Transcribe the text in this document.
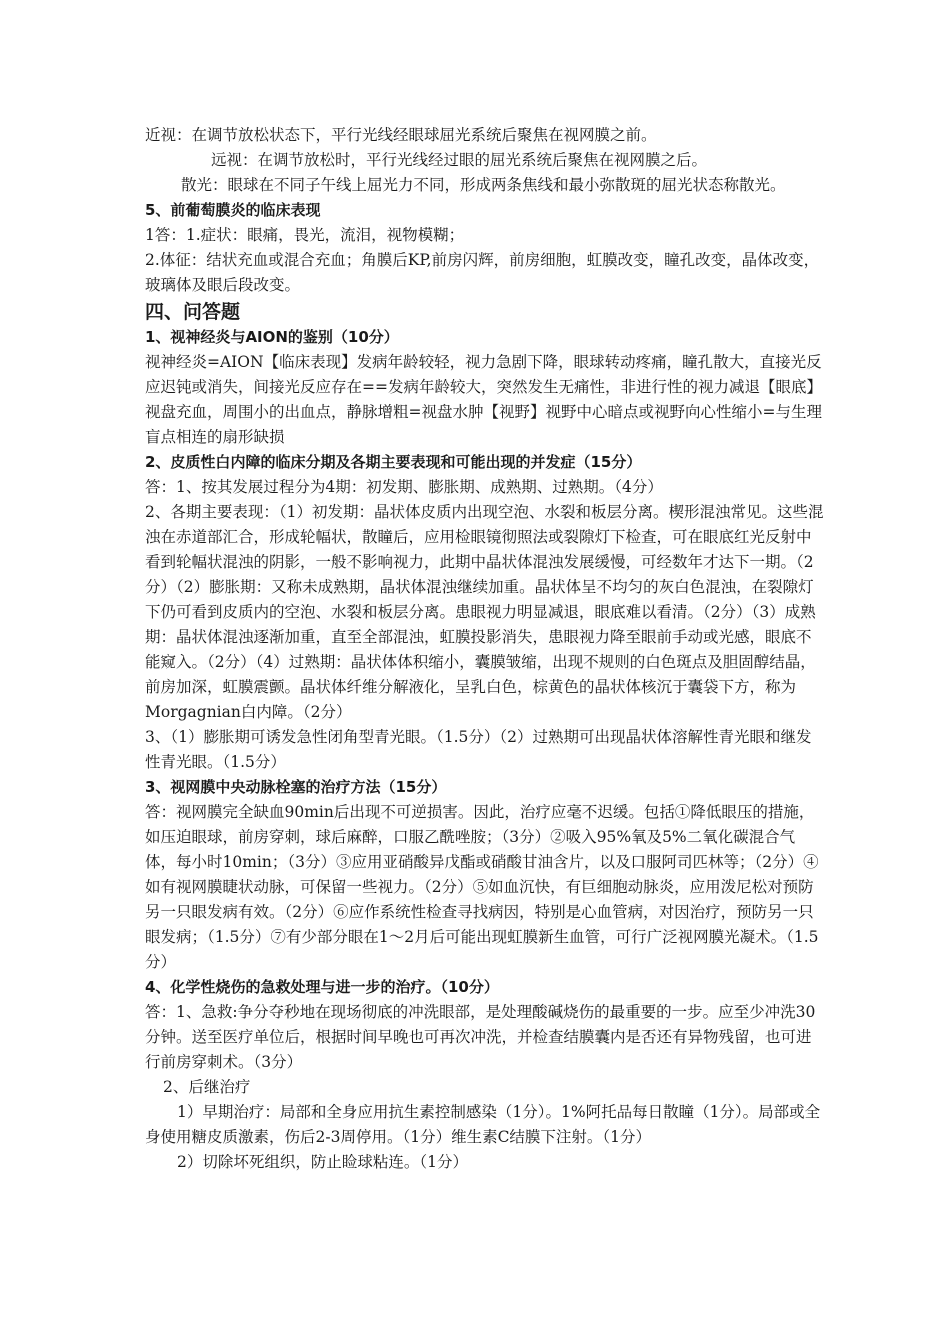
近视：在调节放松状态下，平行光线经眼球屈光系统后聚焦在视网膜之前。

远视：在调节放松时，平行光线经过眼的屈光系统后聚焦在视网膜之后。

散光：眼球在不同子午线上屈光力不同，形成两条焦线和最小弥散斑的屈光状态称散光。

5、前葡萄膜炎的临床表现

1答：1.症状：眼痛，畏光，流泪，视物模糊；

2.体征：结状充血或混合充血；角膜后KP,前房闪辉，前房细胞，虹膜改变，瞳孔改变，晶体改变，玻璃体及眼后段改变。

四、问答题

1、视神经炎与AION的鉴别（10分）

视神经炎=AION【临床表现】发病年龄较轻，视力急剧下降，眼球转动疼痛，瞳孔散大，直接光反应迟钝或消失，间接光反应存在==发病年龄较大，突然发生无痛性，非进行性的视力减退【眼底】视盘充血，周围小的出血点，静脉增粗=视盘水肿【视野】视野中心暗点或视野向心性缩小=与生理盲点相连的扇形缺损

2、皮质性白内障的临床分期及各期主要表现和可能出现的并发症（15分）

答：1、按其发展过程分为4期：初发期、膨胀期、成熟期、过熟期。（4分）

2、各期主要表现：（1）初发期：晶状体皮质内出现空泡、水裂和板层分离。楔形混浊常见。这些混浊在赤道部汇合，形成轮幅状，散瞳后，应用检眼镜彻照法或裂隙灯下检查，可在眼底红光反射中看到轮幅状混浊的阴影，一般不影响视力，此期中晶状体混浊发展缓慢，可经数年才达下一期。（2分）（2）膨胀期：又称未成熟期，晶状体混浊继续加重。晶状体呈不均匀的灰白色混浊，在裂隙灯下仍可看到皮质内的空泡、水裂和板层分离。患眼视力明显减退，眼底难以看清。（2分）（3）成熟期：晶状体混浊逐渐加重，直至全部混浊，虹膜投影消失，患眼视力降至眼前手动或光感，眼底不能窥入。（2分）（4）过熟期：晶状体体积缩小，囊膜皱缩，出现不规则的白色斑点及胆固醇结晶，前房加深，虹膜震颤。晶状体纤维分解液化，呈乳白色，棕黄色的晶状体核沉于囊袋下方，称为Morgagnian白内障。（2分）

3、（1）膨胀期可诱发急性闭角型青光眼。（1.5分）（2）过熟期可出现晶状体溶解性青光眼和继发性青光眼。（1.5分）

3、视网膜中央动脉栓塞的治疗方法（15分）

答：视网膜完全缺血90min后出现不可逆损害。因此，治疗应毫不迟缓。包括①降低眼压的措施，如压迫眼球，前房穿刺，球后麻醉，口服乙酰唑胺；（3分）②吸入95%氧及5%二氧化碳混合气体，每小时10min；（3分）③应用亚硝酸异戊酯或硝酸甘油含片，以及口服阿司匹林等；（2分）④如有视网膜睫状动脉，可保留一些视力。（2分）⑤如血沉快，有巨细胞动脉炎，应用泼尼松对预防另一只眼发病有效。（2分）⑥应作系统性检查寻找病因，特别是心血管病，对因治疗，预防另一只眼发病；（1.5分）⑦有少部分眼在1～2月后可能出现虹膜新生血管，可行广泛视网膜光凝术。（1.5分）

4、化学性烧伤的急救处理与进一步的治疗。（10分）

答：1、急救:争分夺秒地在现场彻底的冲洗眼部，是处理酸碱烧伤的最重要的一步。应至少冲洗30分钟。送至医疗单位后，根据时间早晚也可再次冲洗，并检查结膜囊内是否还有异物残留，也可进行前房穿刺术。（3分）

2、后继治疗

1）早期治疗：局部和全身应用抗生素控制感染（1分）。1%阿托品每日散瞳（1分）。局部或全身使用糖皮质激素，伤后2-3周停用。（1分）维生素C结膜下注射。（1分）

2）切除坏死组织，防止睑球粘连。（1分）
